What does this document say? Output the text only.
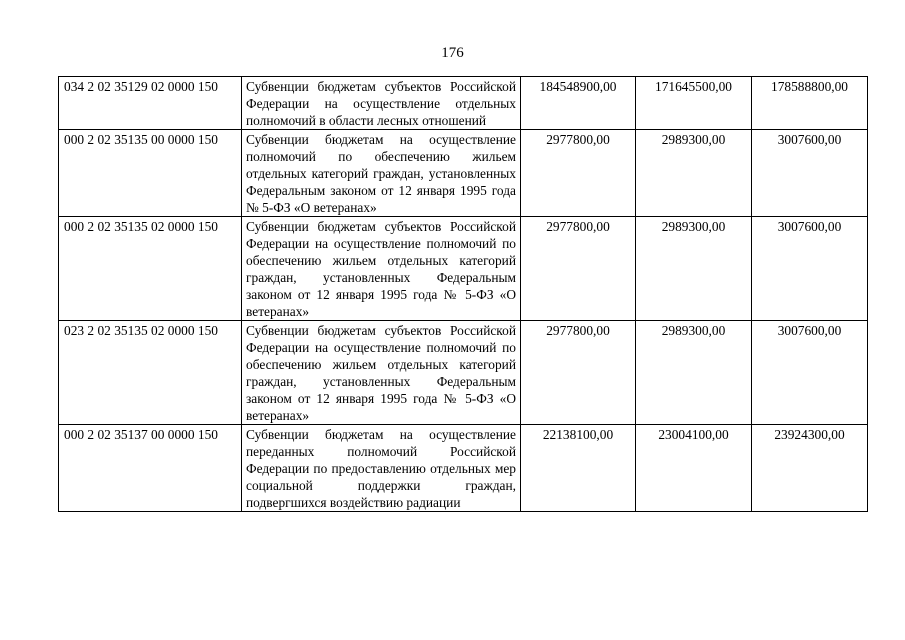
176
034 2 02 35129 02 0000 150	Субвенции бюджетам субъектов Российской Федерации на осуществление отдельных полномочий в области лесных отношений	184548900,00	171645500,00	178588800,00
000 2 02 35135 00 0000 150	Субвенции бюджетам на осуществление полномочий по обеспечению жильем отдельных категорий граждан, установленных Федеральным законом от 12 января 1995 года № 5-ФЗ «О ветеранах»	2977800,00	2989300,00	3007600,00
000 2 02 35135 02 0000 150	Субвенции бюджетам субъектов Российской Федерации на осуществление полномочий по обеспечению жильем отдельных категорий граждан, установленных Федеральным законом от 12 января 1995 года № 5-ФЗ «О ветеранах»	2977800,00	2989300,00	3007600,00
023 2 02 35135 02 0000 150	Субвенции бюджетам субъектов Российской Федерации на осуществление полномочий по обеспечению жильем отдельных категорий граждан, установленных Федеральным законом от 12 января 1995 года № 5-ФЗ «О ветеранах»	2977800,00	2989300,00	3007600,00
000 2 02 35137 00 0000 150	Субвенции бюджетам на осуществление переданных полномочий Российской Федерации по предоставлению отдельных мер социальной поддержки граждан, подвергшихся воздействию радиации	22138100,00	23004100,00	23924300,00
